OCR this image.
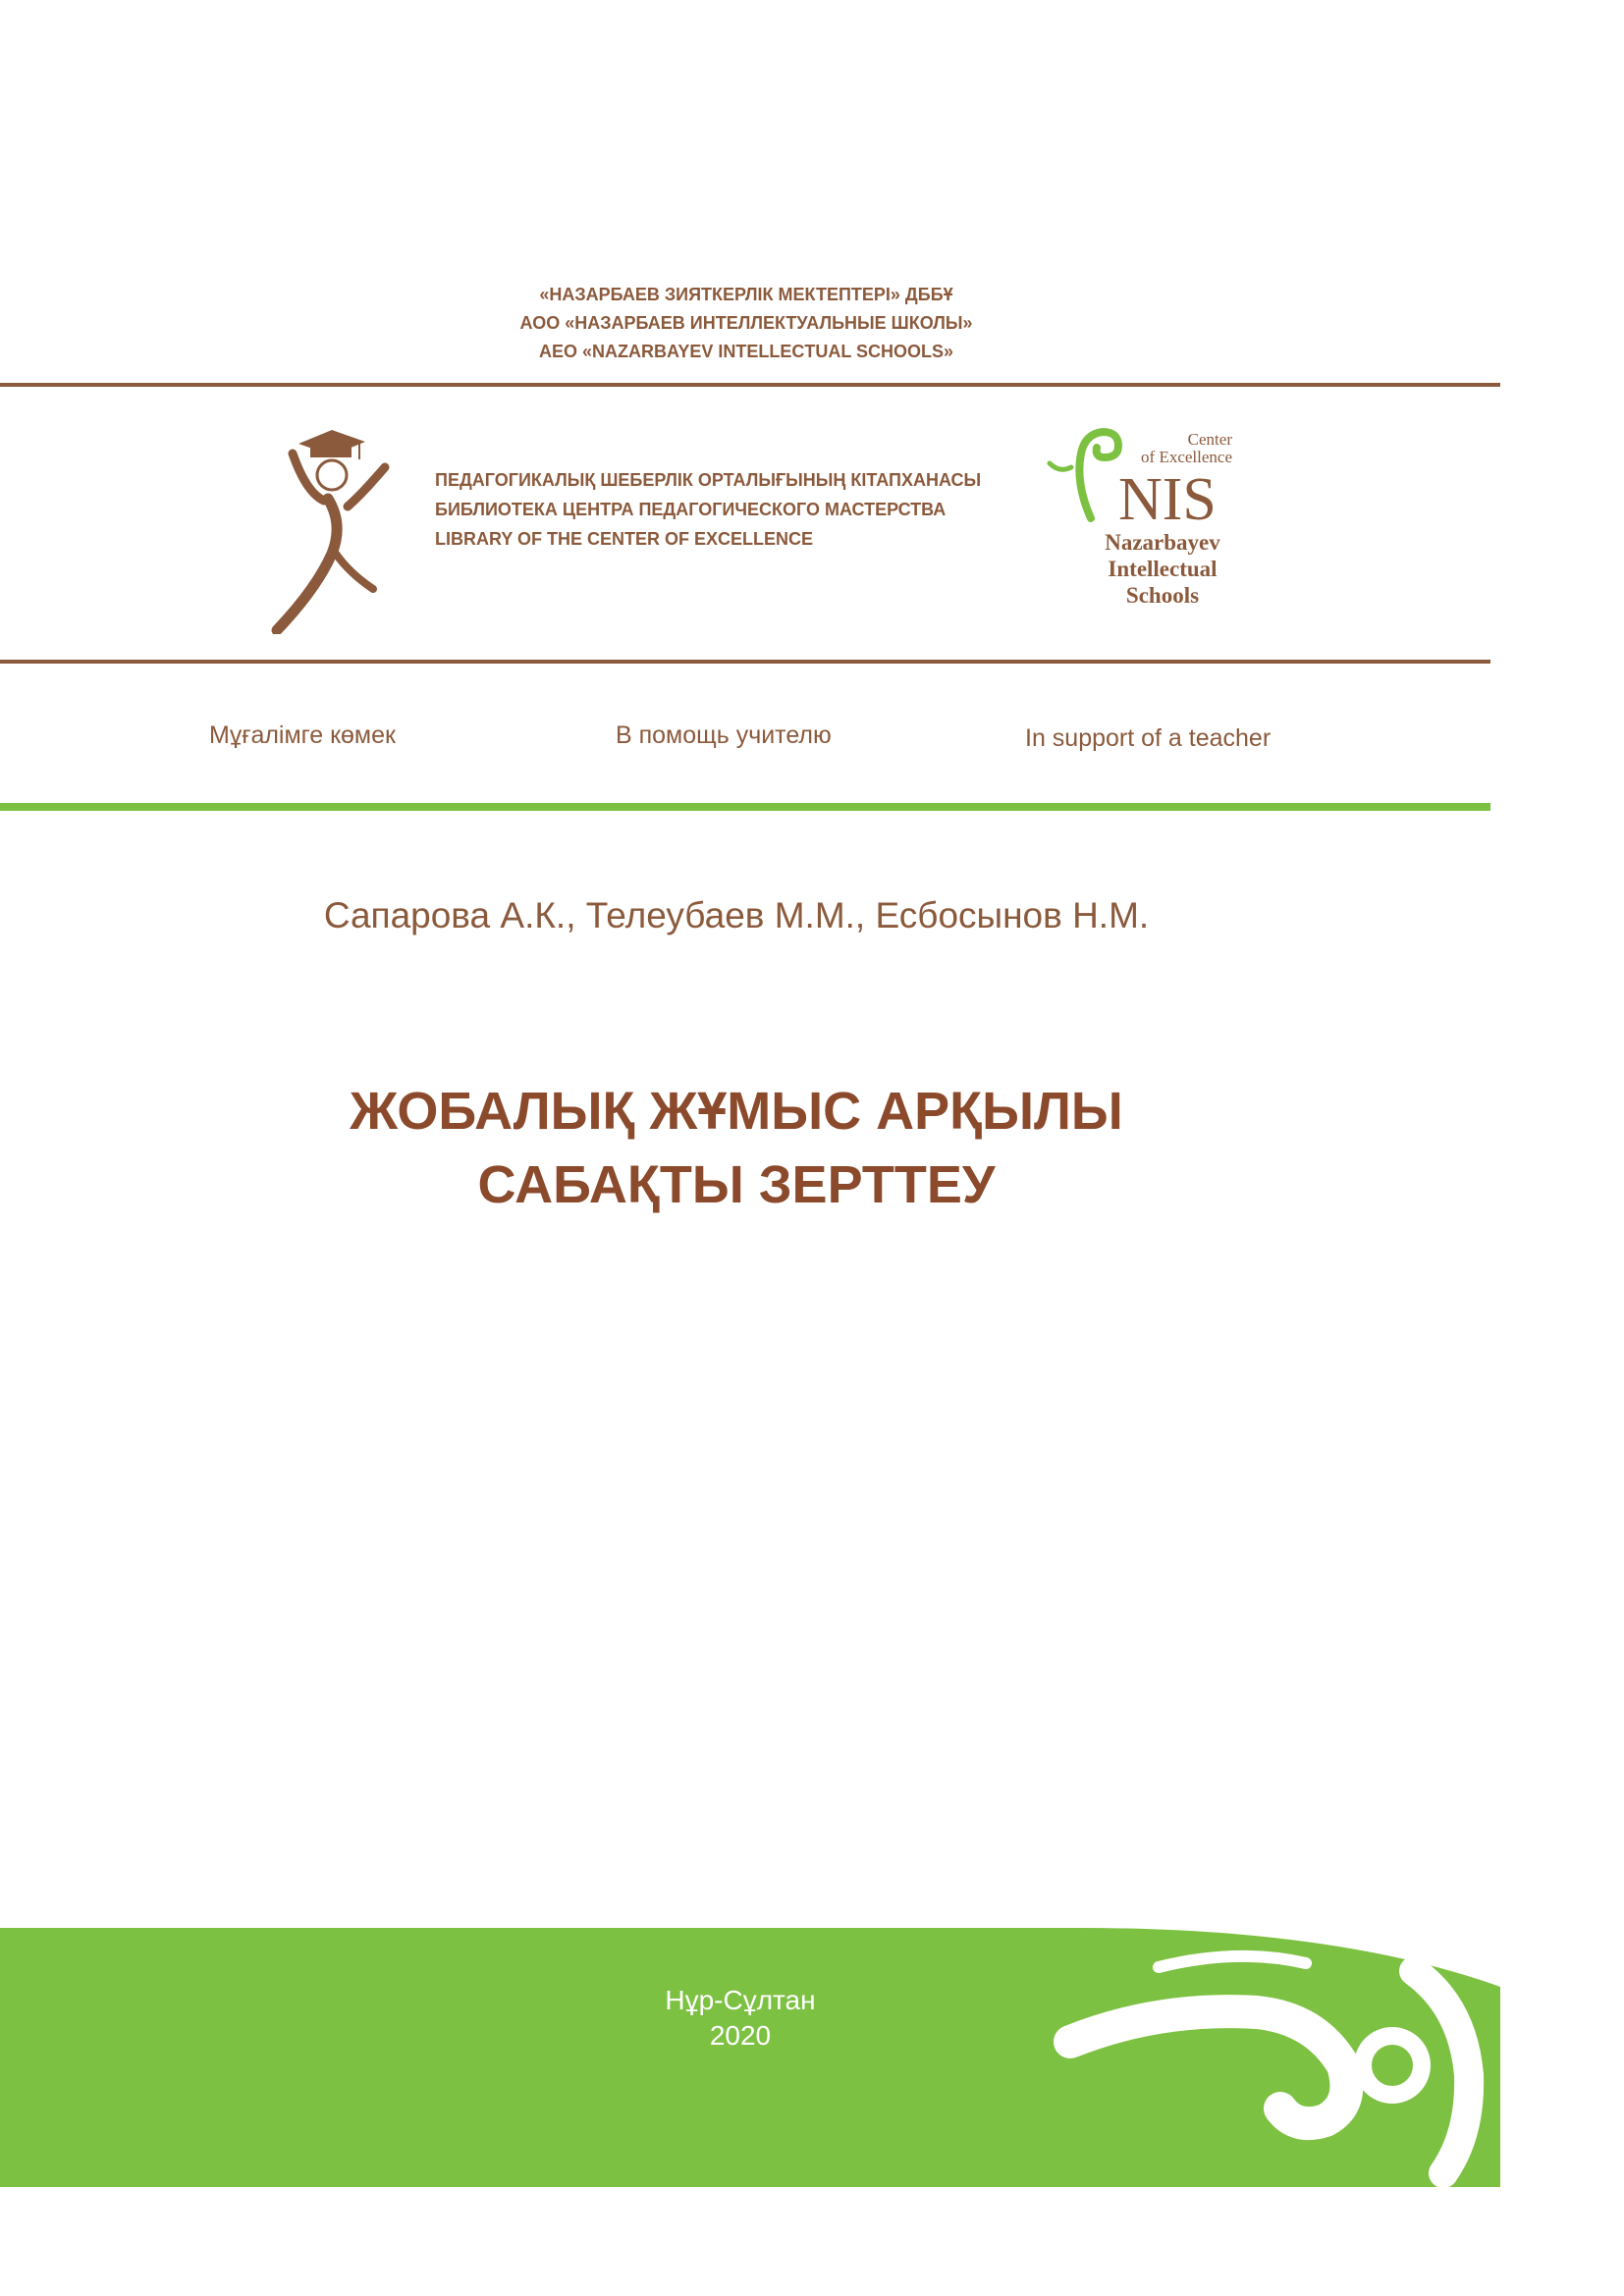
«НАЗАРБАЕВ ЗИЯТКЕРЛІК МЕКТЕПТЕРІ» ДББҰ
АОО «НАЗАРБАЕВ ИНТЕЛЛЕКТУАЛЬНЫЕ ШКОЛЫ»
AEO «NAZARBAYEV INTELLECTUAL SCHOOLS»
ПЕДАГОГИКАЛЫҚ ШЕБЕРЛІК ОРТАЛЫҒЫНЫҢ КІТАПХАНАСЫ
БИБЛИОТЕКА ЦЕНТРА ПЕДАГОГИЧЕСКОГО МАСТЕРСТВА
LIBRARY OF THE CENTER OF EXCELLENCE
Center
of Excellence
NIS
Nazarbayev
Intellectual
Schools
Мұғалімге көмек	В помощь учителю	In support of a teacher
Сапарова А.К., Телеубаев М.М., Есбосынов Н.М.
ЖОБАЛЫҚ ЖҰМЫС АРҚЫЛЫ
САБАҚТЫ ЗЕРТТЕУ
Нұр-Сұлтан
2020
